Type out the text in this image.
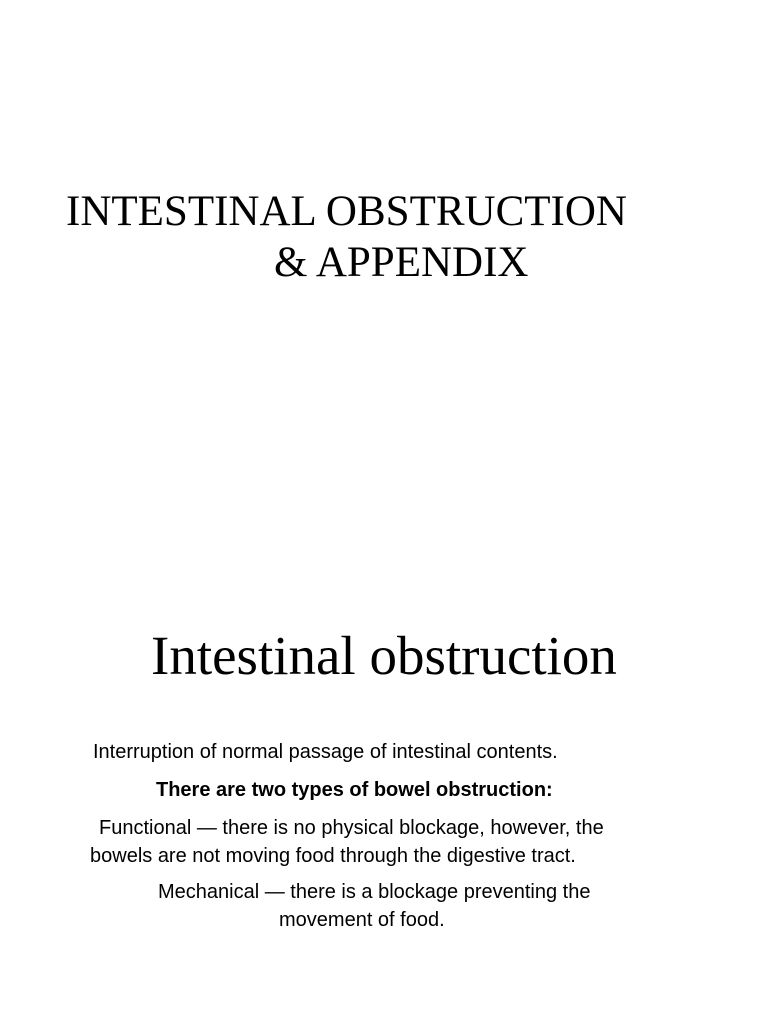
INTESTINAL OBSTRUCTION
& APPENDIX
Intestinal obstruction
Interruption of normal passage of intestinal contents.
There are two types of bowel obstruction:
Functional — there is no physical blockage, however, the
bowels are not moving food through the digestive tract.
Mechanical — there is a blockage preventing the
movement of food.
